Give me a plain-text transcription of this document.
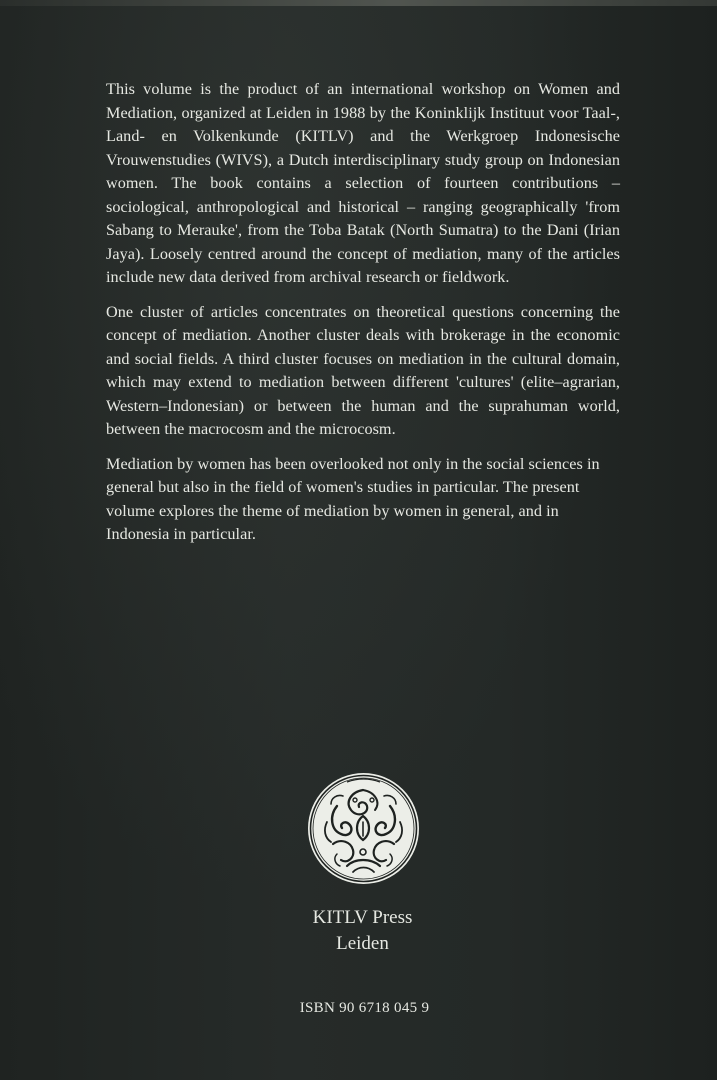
This volume is the product of an international workshop on Women and Mediation, organized at Leiden in 1988 by the Koninklijk Instituut voor Taal-, Land- en Volkenkunde (KITLV) and the Werkgroep Indonesische Vrouwenstudies (WIVS), a Dutch interdisciplinary study group on Indonesian women. The book contains a selection of fourteen contributions – sociological, anthropological and historical – ranging geographically 'from Sabang to Merauke', from the Toba Batak (North Sumatra) to the Dani (Irian Jaya). Loosely centred around the concept of mediation, many of the articles include new data derived from archival research or fieldwork.

One cluster of articles concentrates on theoretical questions concerning the concept of mediation. Another cluster deals with brokerage in the economic and social fields. A third cluster focuses on mediation in the cultural domain, which may extend to mediation between different 'cultures' (elite–agrarian, Western–Indonesian) or between the human and the suprahuman world, between the macrocosm and the microcosm.

Mediation by women has been overlooked not only in the social sciences in general but also in the field of women's studies in particular. The present volume explores the theme of mediation by women in general, and in Indonesia in particular.

KITLV Press
Leiden
ISBN 90 6718 045 9
